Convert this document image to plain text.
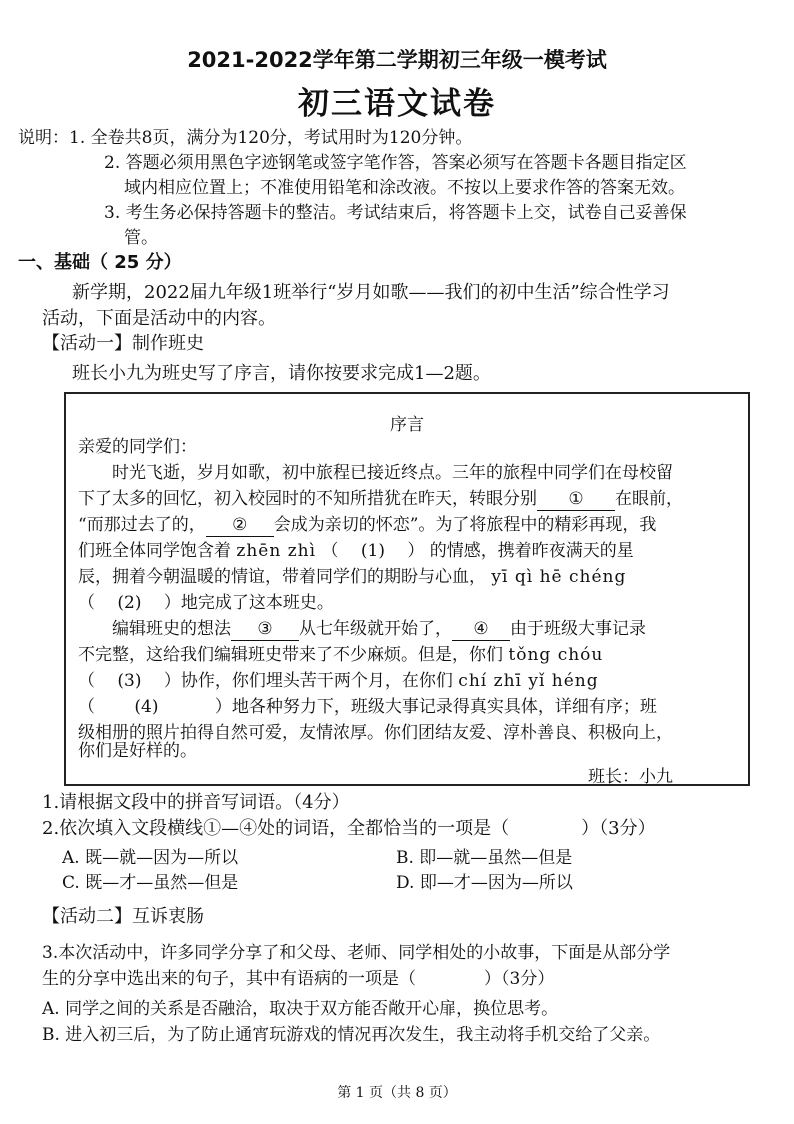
2021-2022学年第二学期初三年级一模考试
初三语文试卷
说明：1. 全卷共8页，满分为120分，考试用时为120分钟。
2. 答题必须用黑色字迹钢笔或签字笔作答，答案必须写在答题卡各题目指定区
域内相应位置上；不准使用铅笔和涂改液。不按以上要求作答的答案无效。
3. 考生务必保持答题卡的整洁。考试结束后，将答题卡上交，试卷自己妥善保
管。
一、基础（ 25 分）
新学期，2022届九年级1班举行“岁月如歌——我们的初中生活”综合性学习
活动，下面是活动中的内容。
【活动一】制作班史
班长小九为班史写了序言，请你按要求完成1—2题。
序言
亲爱的同学们：
时光飞逝，岁月如歌，初中旅程已接近终点。三年的旅程中同学们在母校留
下了太多的回忆，初入校园时的不知所措犹在昨天，转眼分别 ① 在眼前，
“而那过去了的， ② 会成为亲切的怀恋”。为了将旅程中的精彩再现，我
们班全体同学饱含着 zhēn zhì （　 (1)　 ） 的情感，携着昨夜满天的星
辰，拥着今朝温暖的情谊，带着同学们的期盼与心血， yī qì hē chéng
（　 (2)　 ）地完成了这本班史。
编辑班史的想法 ③ 从七年级就开始了， ④ 由于班级大事记录
不完整，这给我们编辑班史带来了不少麻烦。但是，你们 tǒng chóu
（　 (3)　 ）协作，你们埋头苦干两个月，在你们 chí zhī yǐ héng
（　　 (4)　　　 ）地各种努力下，班级大事记录得真实具体，详细有序；班
级相册的照片拍得自然可爱，友情浓厚。你们团结友爱、淳朴善良、积极向上，
你们是好样的。
班长：小九
1.请根据文段中的拼音写词语。（4分）
2.依次填入文段横线①—④处的词语，全都恰当的一项是（　　　　）（3分）
A. 既—就—因为—所以	B. 即—就—虽然—但是
C. 既—才—虽然—但是	D. 即—才—因为—所以
【活动二】互诉衷肠
3.本次活动中，许多同学分享了和父母、老师、同学相处的小故事，下面是从部分学
生的分享中选出来的句子，其中有语病的一项是（　　　　）（3分）
A. 同学之间的关系是否融洽，取决于双方能否敞开心扉，换位思考。
B. 进入初三后，为了防止通宵玩游戏的情况再次发生，我主动将手机交给了父亲。
第 1 页（共 8 页）
